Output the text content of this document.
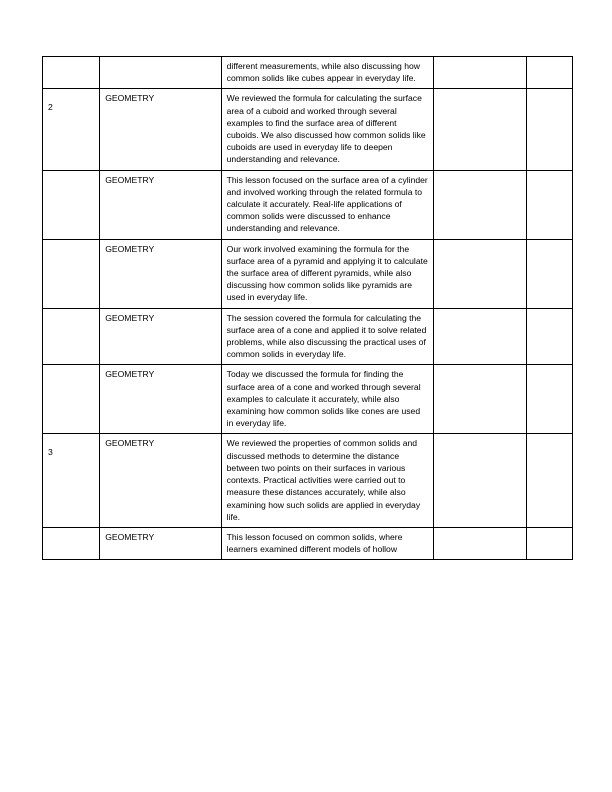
		different measurements, while also discussing how common solids like cubes appear in everyday life.		

2	GEOMETRY	We reviewed the formula for calculating the surface area of a cuboid and worked through several examples to find the surface area of different cuboids. We also discussed how common solids like cuboids are used in everyday life to deepen understanding and relevance.		

	GEOMETRY	This lesson focused on the surface area of a cylinder and involved working through the related formula to calculate it accurately. Real-life applications of common solids were discussed to enhance understanding and relevance.		

	GEOMETRY	Our work involved examining the formula for the surface area of a pyramid and applying it to calculate the surface area of different pyramids, while also discussing how common solids like pyramids are used in everyday life.		

	GEOMETRY	The session covered the formula for calculating the surface area of a cone and applied it to solve related problems, while also discussing the practical uses of common solids in everyday life.		

	GEOMETRY	Today we discussed the formula for finding the surface area of a cone and worked through several examples to calculate it accurately, while also examining how common solids like cones are used in everyday life.		

3	GEOMETRY	We reviewed the properties of common solids and discussed methods to determine the distance between two points on their surfaces in various contexts. Practical activities were carried out to measure these distances accurately, while also examining how such solids are applied in everyday life.		

	GEOMETRY	This lesson focused on common solids, where learners examined different models of hollow		
